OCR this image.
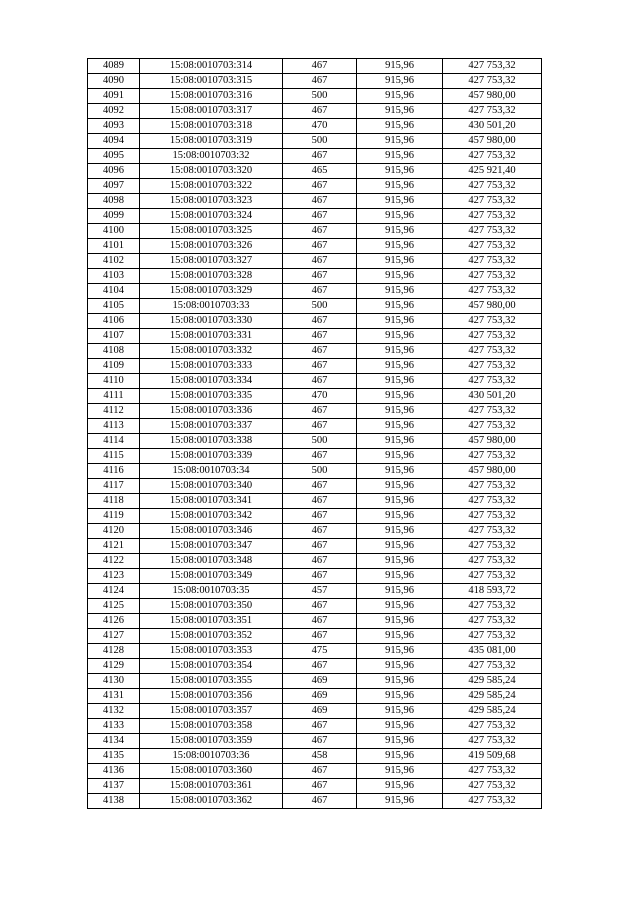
4089	15:08:0010703:314	467	915,96	427 753,32
4090	15:08:0010703:315	467	915,96	427 753,32
4091	15:08:0010703:316	500	915,96	457 980,00
4092	15:08:0010703:317	467	915,96	427 753,32
4093	15:08:0010703:318	470	915,96	430 501,20
4094	15:08:0010703:319	500	915,96	457 980,00
4095	15:08:0010703:32	467	915,96	427 753,32
4096	15:08:0010703:320	465	915,96	425 921,40
4097	15:08:0010703:322	467	915,96	427 753,32
4098	15:08:0010703:323	467	915,96	427 753,32
4099	15:08:0010703:324	467	915,96	427 753,32
4100	15:08:0010703:325	467	915,96	427 753,32
4101	15:08:0010703:326	467	915,96	427 753,32
4102	15:08:0010703:327	467	915,96	427 753,32
4103	15:08:0010703:328	467	915,96	427 753,32
4104	15:08:0010703:329	467	915,96	427 753,32
4105	15:08:0010703:33	500	915,96	457 980,00
4106	15:08:0010703:330	467	915,96	427 753,32
4107	15:08:0010703:331	467	915,96	427 753,32
4108	15:08:0010703:332	467	915,96	427 753,32
4109	15:08:0010703:333	467	915,96	427 753,32
4110	15:08:0010703:334	467	915,96	427 753,32
4111	15:08:0010703:335	470	915,96	430 501,20
4112	15:08:0010703:336	467	915,96	427 753,32
4113	15:08:0010703:337	467	915,96	427 753,32
4114	15:08:0010703:338	500	915,96	457 980,00
4115	15:08:0010703:339	467	915,96	427 753,32
4116	15:08:0010703:34	500	915,96	457 980,00
4117	15:08:0010703:340	467	915,96	427 753,32
4118	15:08:0010703:341	467	915,96	427 753,32
4119	15:08:0010703:342	467	915,96	427 753,32
4120	15:08:0010703:346	467	915,96	427 753,32
4121	15:08:0010703:347	467	915,96	427 753,32
4122	15:08:0010703:348	467	915,96	427 753,32
4123	15:08:0010703:349	467	915,96	427 753,32
4124	15:08:0010703:35	457	915,96	418 593,72
4125	15:08:0010703:350	467	915,96	427 753,32
4126	15:08:0010703:351	467	915,96	427 753,32
4127	15:08:0010703:352	467	915,96	427 753,32
4128	15:08:0010703:353	475	915,96	435 081,00
4129	15:08:0010703:354	467	915,96	427 753,32
4130	15:08:0010703:355	469	915,96	429 585,24
4131	15:08:0010703:356	469	915,96	429 585,24
4132	15:08:0010703:357	469	915,96	429 585,24
4133	15:08:0010703:358	467	915,96	427 753,32
4134	15:08:0010703:359	467	915,96	427 753,32
4135	15:08:0010703:36	458	915,96	419 509,68
4136	15:08:0010703:360	467	915,96	427 753,32
4137	15:08:0010703:361	467	915,96	427 753,32
4138	15:08:0010703:362	467	915,96	427 753,32
